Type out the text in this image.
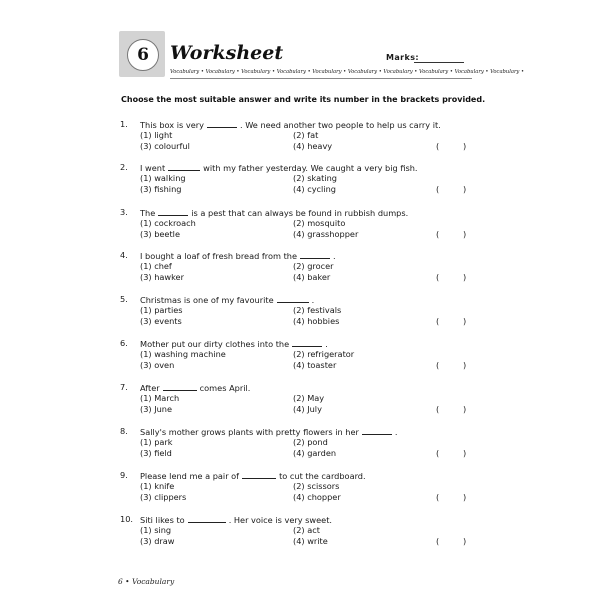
6	Worksheet	Marks:
Vocabulary • Vocabulary • Vocabulary • Vocabulary • Vocabulary • Vocabulary • Vocabulary • Vocabulary • Vocabulary • Vocabulary •
Choose the most suitable answer and write its number in the brackets provided.
1. This box is very	. We need another two people to help us carry it.
(1) light	(2) fat
(3) colourful	(4) heavy	(	)
2. I went	with my father yesterday. We caught a very big fish.
(1) walking	(2) skating
(3) fishing	(4) cycling	(	)
3. The	is a pest that can always be found in rubbish dumps.
(1) cockroach	(2) mosquito
(3) beetle	(4) grasshopper	(	)
4. I bought a loaf of fresh bread from the	.
(1) chef	(2) grocer
(3) hawker	(4) baker	(	)
5. Christmas is one of my favourite	.
(1) parties	(2) festivals
(3) events	(4) hobbies	(	)
6. Mother put our dirty clothes into the	.
(1) washing machine	(2) refrigerator
(3) oven	(4) toaster	(	)
7. After	comes April.
(1) March	(2) May
(3) June	(4) July	(	)
8. Sally's mother grows plants with pretty flowers in her	.
(1) park	(2) pond
(3) field	(4) garden	(	)
9. Please lend me a pair of	to cut the cardboard.
(1) knife	(2) scissors
(3) clippers	(4) chopper	(	)
10. Siti likes to	. Her voice is very sweet.
(1) sing	(2) act
(3) draw	(4) write	(	)
6 • Vocabulary
